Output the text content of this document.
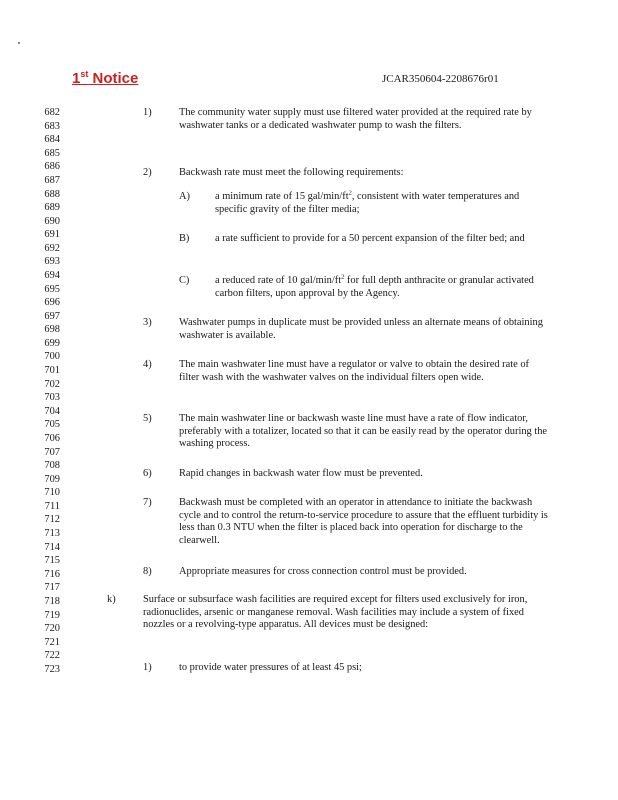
1st Notice	JCAR350604-2208676r01
682
683
684
685
686
687
688
689
690
691
692
693
694
695
696
697
698
699
700
701
702
703
704
705
706
707
708
709
710
711
712
713
714
715
716
717
718
719
720
721
722
723
1)	The community water supply must use filtered water provided at the required rate by washwater tanks or a dedicated washwater pump to wash the filters.
2)	Backwash rate must meet the following requirements:
A) a minimum rate of 15 gal/$\min/ft^2$, consistent with water temperatures and specific gravity of the filter media;
B) a rate sufficient to provide for a 50 percent expansion of the filter bed; and
C) a reduced rate of 10 gal/$\min/ft^2$ for full depth anthracite or granular activated carbon filters, upon approval by the Agency.
3)	Washwater pumps in duplicate must be provided unless an alternate means of obtaining washwater is available.
4)	The main washwater line must have a regulator or valve to obtain the desired rate of filter wash with the washwater valves on the individual filters open wide.
5)	The main washwater line or backwash waste line must have a rate of flow indicator, preferably with a totalizer, located so that it can be easily read by the operator during the washing process.
6)	Rapid changes in backwash water flow must be prevented.
7)	Backwash must be completed with an operator in attendance to initiate the backwash cycle and to control the return-to-service procedure to assure that the effluent turbidity is less than 0.3 NTU when the filter is placed back into operation for discharge to the clearwell.
8)	Appropriate measures for cross connection control must be provided.
k)	Surface or subsurface wash facilities are required except for filters used exclusively for iron, radionuclides, arsenic or manganese removal. Wash facilities may include a system of fixed nozzles or a revolving-type apparatus. All devices must be designed:
1)	to provide water pressures of at least 45 psi;
